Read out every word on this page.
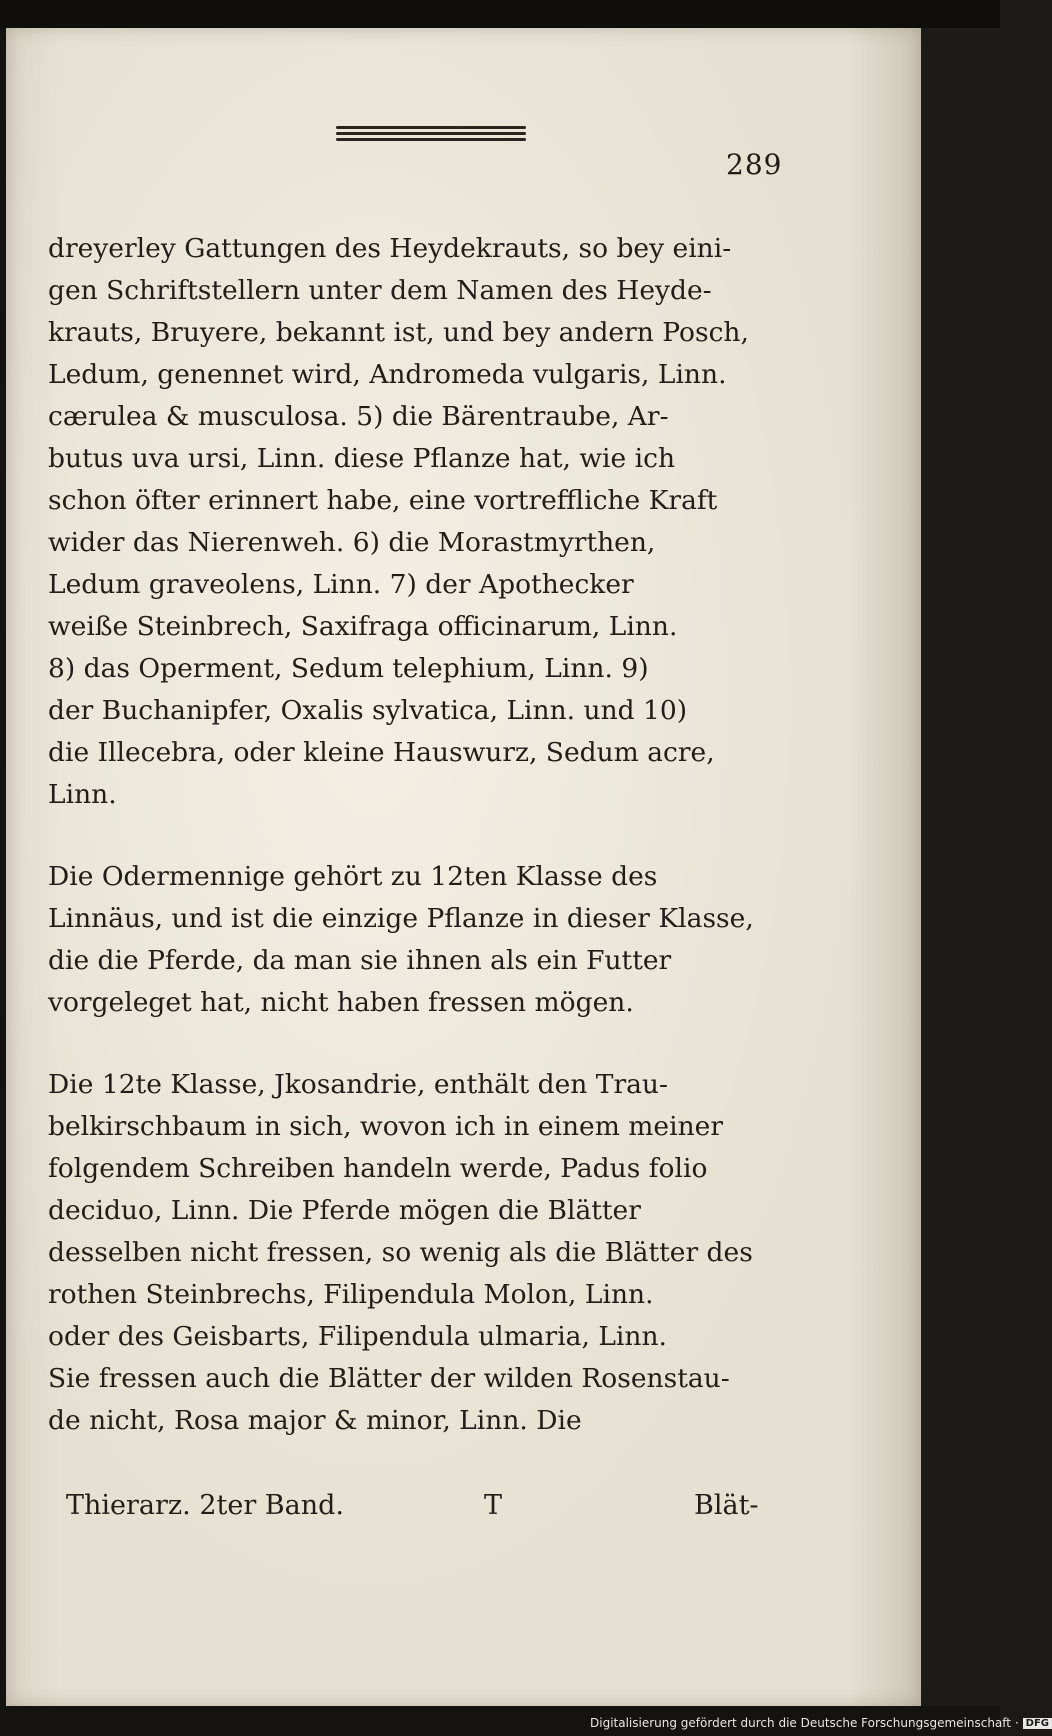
289
dreyerley Gattungen des Heydekrauts, so bey eini-
gen Schriftstellern unter dem Namen des Heyde-
krauts, Bruyere, bekannt ist, und bey andern Posch,
Ledum, genennet wird, Andromeda vulgaris, Linn.
cærulea & musculosa. 5) die Bärentraube, Ar-
butus uva ursi, Linn. diese Pflanze hat, wie ich
schon öfter erinnert habe, eine vortreffliche Kraft
wider das Nierenweh. 6) die Morastmyrthen,
Ledum graveolens, Linn. 7) der Apothecker
weiße Steinbrech, Saxifraga officinarum, Linn.
8) das Operment, Sedum telephium, Linn. 9)
der Buchanipfer, Oxalis sylvatica, Linn. und 10)
die Illecebra, oder kleine Hauswurz, Sedum acre,
Linn.
Die Odermennige gehört zu 12ten Klasse des
Linnäus, und ist die einzige Pflanze in dieser Klasse,
die die Pferde, da man sie ihnen als ein Futter
vorgeleget hat, nicht haben fressen mögen.
Die 12te Klasse, Jkosandrie, enthält den Trau-
belkirschbaum in sich, wovon ich in einem meiner
folgendem Schreiben handeln werde, Padus folio
deciduo, Linn. Die Pferde mögen die Blätter
desselben nicht fressen, so wenig als die Blätter des
rothen Steinbrechs, Filipendula Molon, Linn.
oder des Geisbarts, Filipendula ulmaria, Linn.
Sie fressen auch die Blätter der wilden Rosenstau-
de nicht, Rosa major & minor, Linn. Die
Thierarz. 2ter Band.	T	Blät-
Digitalisierung gefördert durch die Deutsche Forschungsgemeinschaft · DFG
